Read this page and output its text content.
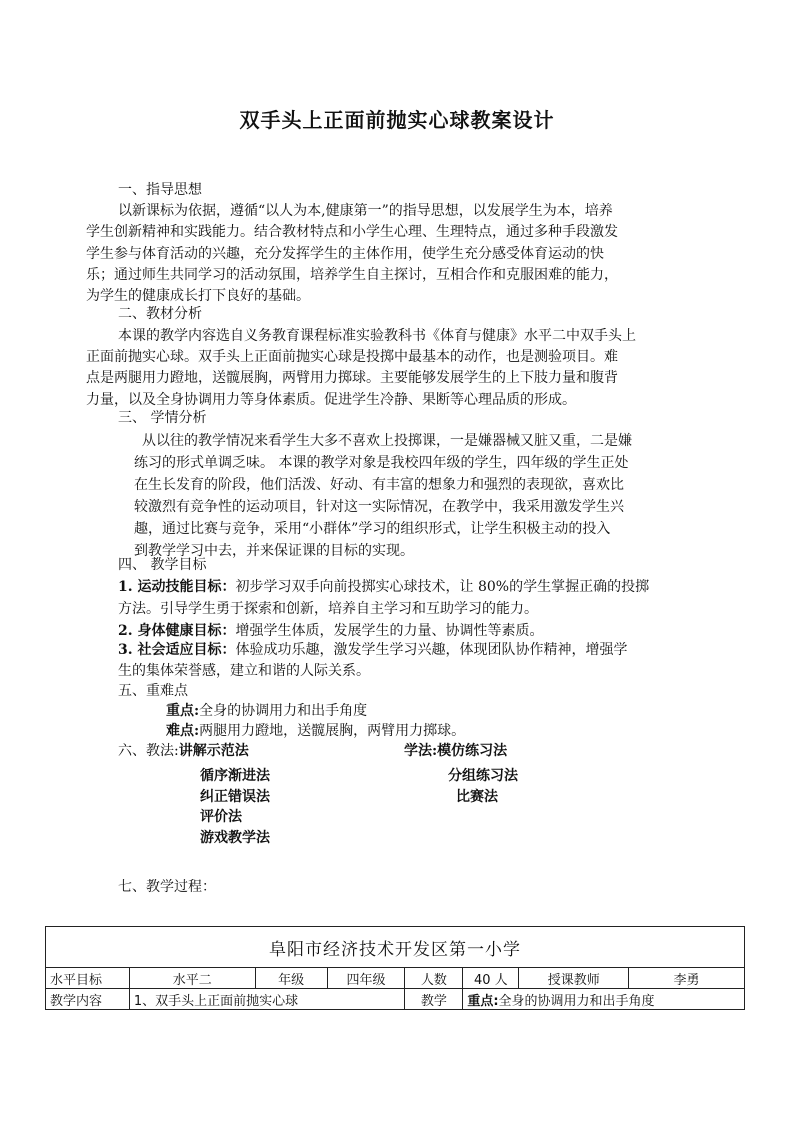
双手头上正面前抛实心球教案设计
一、指导思想
以新课标为依据，遵循“以人为本,健康第一”的指导思想，以发展学生为本，培养
学生创新精神和实践能力。结合教材特点和小学生心理、生理特点，通过多种手段激发
学生参与体育活动的兴趣，充分发挥学生的主体作用，使学生充分感受体育运动的快
乐；通过师生共同学习的活动氛围，培养学生自主探讨，互相合作和克服困难的能力，
为学生的健康成长打下良好的基础。
二、教材分析
本课的教学内容选自义务教育课程标准实验教科书《体育与健康》水平二中双手头上
正面前抛实心球。双手头上正面前抛实心球是投掷中最基本的动作，也是测验项目。难
点是两腿用力蹬地，送髋展胸，两臂用力掷球。主要能够发展学生的上下肢力量和腹背
力量，以及全身协调用力等身体素质。促进学生冷静、果断等心理品质的形成。
三、 学情分析
从以往的教学情况来看学生大多不喜欢上投掷课，一是嫌器械又脏又重，二是嫌
练习的形式单调乏味。 本课的教学对象是我校四年级的学生，四年级的学生正处
在生长发育的阶段，他们活泼、好动、有丰富的想象力和强烈的表现欲，喜欢比
较激烈有竞争性的运动项目，针对这一实际情况，在教学中，我采用激发学生兴
趣，通过比赛与竞争，采用“小群体”学习的组织形式，让学生积极主动的投入
到教学学习中去，并来保证课的目标的实现。
四、 教学目标
1. 运动技能目标：初步学习双手向前投掷实心球技术，让 80%的学生掌握正确的投掷
方法。引导学生勇于探索和创新，培养自主学习和互助学习的能力。
2. 身体健康目标：增强学生体质，发展学生的力量、协调性等素质。
3. 社会适应目标：体验成功乐趣，激发学生学习兴趣，体现团队协作精神，增强学
生的集体荣誉感，建立和谐的人际关系。
五、重难点
重点:全身的协调用力和出手角度
难点:两腿用力蹬地，送髋展胸，两臂用力掷球。
六、教法:讲解示范法
循序渐进法
纠正错误法
评价法
游戏教学法
学法:模仿练习法
分组练习法
比赛法
七、教学过程：
阜阳市经济技术开发区第一小学							
水平目标	水平二	年级	四年级	人数	40 人	授课教师	李勇
教学内容	1、双手头上正面前抛实心球			教学	重点:全身的协调用力和出手角度		
